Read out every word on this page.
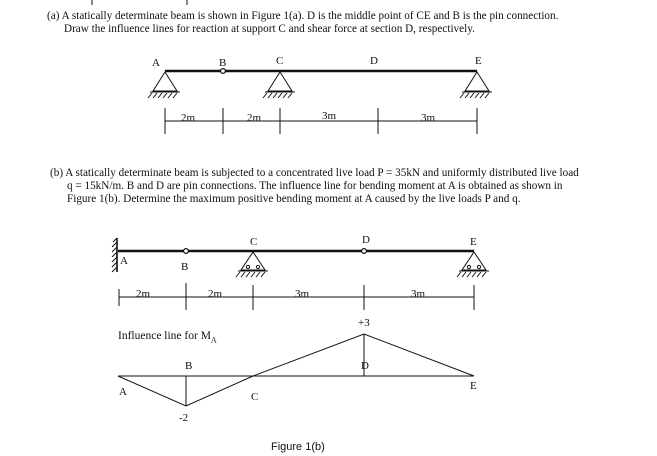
(a) A statically determinate beam is shown in Figure 1(a). D is the middle point of CE and B is the pin connection.
Draw the influence lines for reaction at support C and shear force at section D, respectively.
A	B	C	D	E
2m	2m	3m	3m
(b) A statically determinate beam is subjected to a concentrated live load P = 35kN and uniformly distributed live load
q = 15kN/m. B and D are pin connections. The influence line for bending moment at A is obtained as shown in
Figure 1(b). Determine the maximum positive bending moment at A caused by the live loads P and q.
A	B
C	D	E
2m	2m	3m	3m
Influence line for $M_A$
+3
B	D
A	C
E
-2
Figure 1(b)
